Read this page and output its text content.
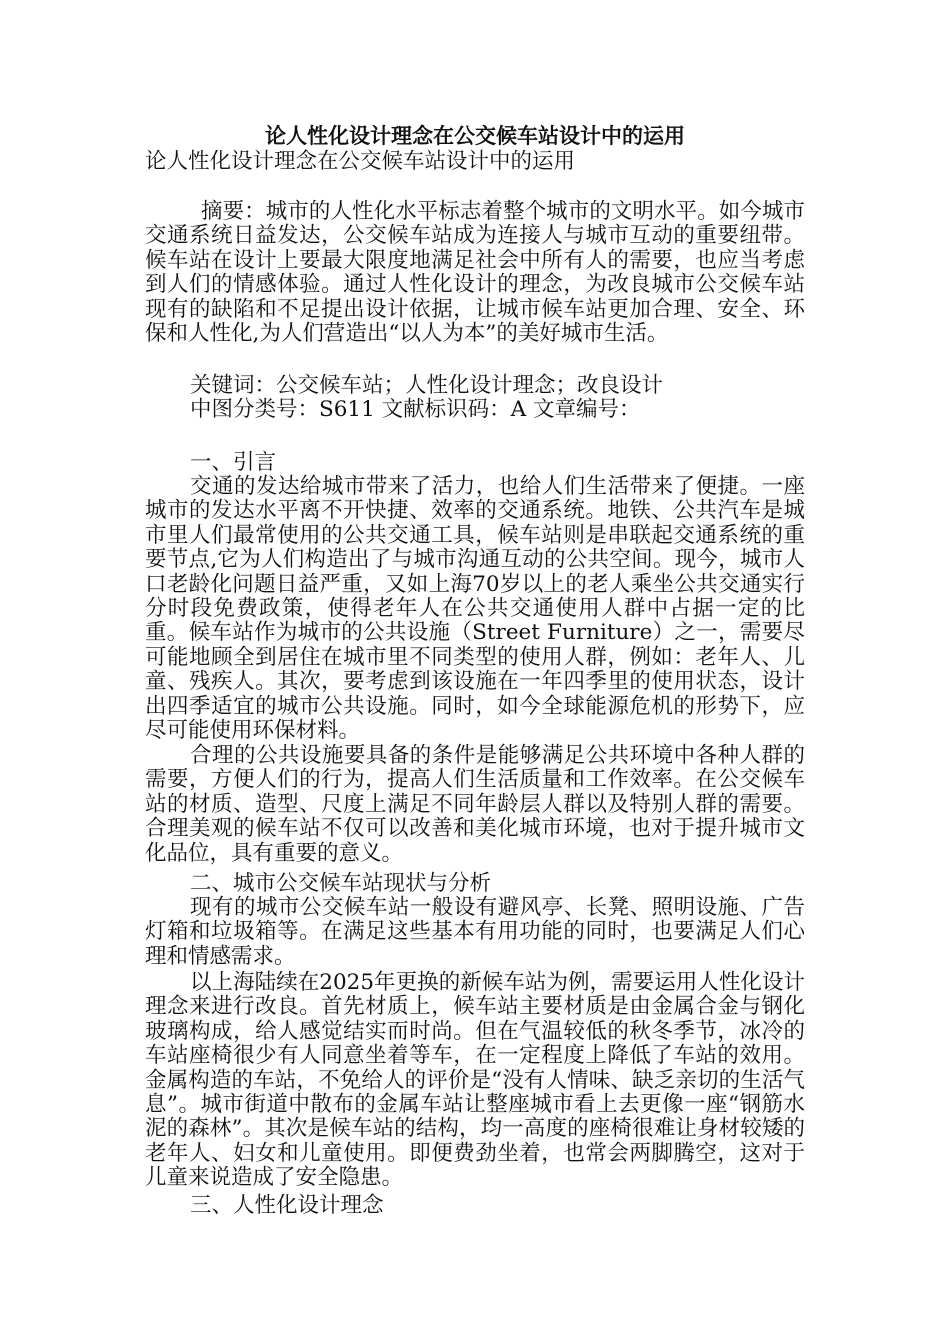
论人性化设计理念在公交候车站设计中的运用
论人性化设计理念在公交候车站设计中的运用

摘要：城市的人性化水平标志着整个城市的文明水平。如今城市交通系统日益发达，公交候车站成为连接人与城市互动的重要纽带。候车站在设计上要最大限度地满足社会中所有人的需要，也应当考虑到人们的情感体验。通过人性化设计的理念，为改良城市公交候车站现有的缺陷和不足提出设计依据，让城市候车站更加合理、安全、环保和人性化,为人们营造出“以人为本”的美好城市生活。

关键词：公交候车站；人性化设计理念；改良设计
中图分类号：S611 文献标识码：A 文章编号：
一、引言

交通的发达给城市带来了活力，也给人们生活带来了便捷。一座城市的发达水平离不开快捷、效率的交通系统。地铁、公共汽车是城市里人们最常使用的公共交通工具，候车站则是串联起交通系统的重要节点,它为人们构造出了与城市沟通互动的公共空间。现今，城市人口老龄化问题日益严重，又如上海70岁以上的老人乘坐公共交通实行分时段免费政策，使得老年人在公共交通使用人群中占据一定的比重。候车站作为城市的公共设施（Street Furniture）之一，需要尽可能地顾全到居住在城市里不同类型的使用人群，例如：老年人、儿童、残疾人。其次，要考虑到该设施在一年四季里的使用状态，设计出四季适宜的城市公共设施。同时，如今全球能源危机的形势下，应尽可能使用环保材料。

合理的公共设施要具备的条件是能够满足公共环境中各种人群的需要，方便人们的行为，提高人们生活质量和工作效率。在公交候车站的材质、造型、尺度上满足不同年龄层人群以及特别人群的需要。合理美观的候车站不仅可以改善和美化城市环境，也对于提升城市文化品位，具有重要的意义。

二、城市公交候车站现状与分析

现有的城市公交候车站一般设有避风亭、长凳、照明设施、广告灯箱和垃圾箱等。在满足这些基本有用功能的同时，也要满足人们心理和情感需求。

以上海陆续在2025年更换的新候车站为例，需要运用人性化设计理念来进行改良。首先材质上，候车站主要材质是由金属合金与钢化玻璃构成，给人感觉结实而时尚。但在气温较低的秋冬季节，冰冷的车站座椅很少有人同意坐着等车，在一定程度上降低了车站的效用。金属构造的车站，不免给人的评价是“没有人情味、缺乏亲切的生活气息”。城市街道中散布的金属车站让整座城市看上去更像一座“钢筋水泥的森林”。其次是候车站的结构，均一高度的座椅很难让身材较矮的老年人、妇女和儿童使用。即便费劲坐着，也常会两脚腾空，这对于儿童来说造成了安全隐患。

三、人性化设计理念
